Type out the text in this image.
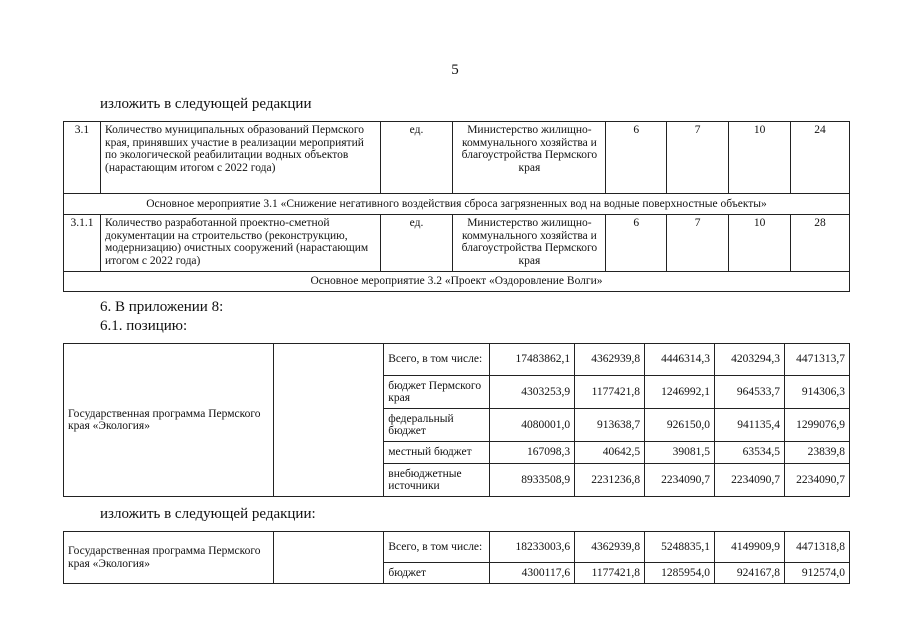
5
изложить в следующей редакции
3.1	Количество муниципальных образований Пермского края, принявших участие в реализации мероприятий по экологической реабилитации водных объектов (нарастающим итогом с 2022 года)	ед.	Министерство жилищно-коммунального хозяйства и благоустройства Пермского края	6	7	10	24
Основное мероприятие 3.1 «Снижение негативного воздействия сброса загрязненных вод на водные поверхностные объекты»							
3.1.1	Количество разработанной проектно-сметной документации на строительство (реконструкцию, модернизацию) очистных сооружений (нарастающим итогом с 2022 года)	ед.	Министерство жилищно-коммунального хозяйства и благоустройства Пермского края	6	7	10	28
Основное мероприятие 3.2 «Проект «Оздоровление Волги»							
6. В приложении 8:
6.1. позицию:
Государственная программа Пермского края «Экология»		Всего, в том числе:	17483862,1	4362939,8	4446314,3	4203294,3	4471313,7
		бюджет Пермского края	4303253,9	1177421,8	1246992,1	964533,7	914306,3
		федеральный бюджет	4080001,0	913638,7	926150,0	941135,4	1299076,9
		местный бюджет	167098,3	40642,5	39081,5	63534,5	23839,8
		внебюджетные источники	8933508,9	2231236,8	2234090,7	2234090,7	2234090,7
изложить в следующей редакции:
Государственная программа Пермского края «Экология»		Всего, в том числе:	18233003,6	4362939,8	5248835,1	4149909,9	4471318,8
		бюджет	4300117,6	1177421,8	1285954,0	924167,8	912574,0
